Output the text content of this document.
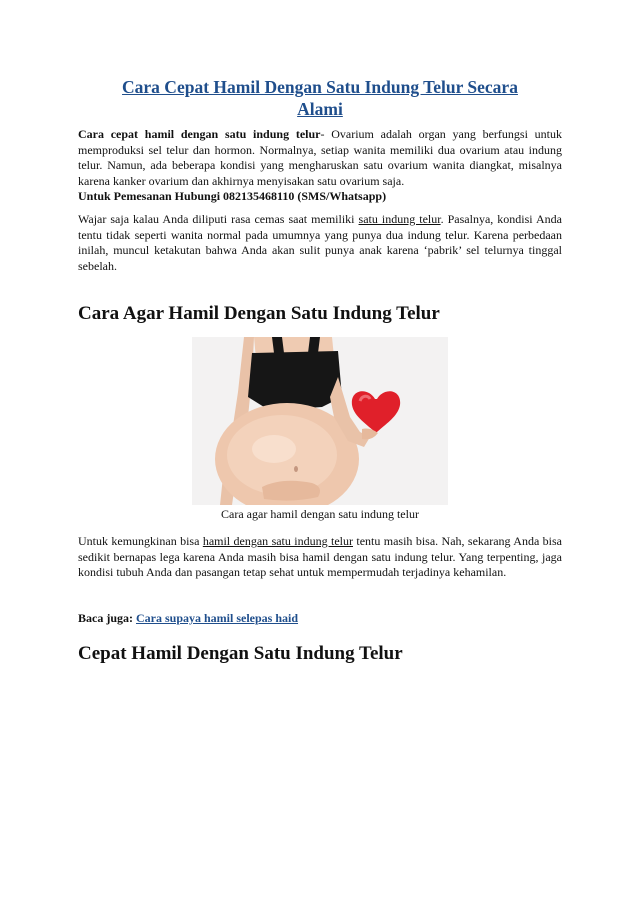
Cara Cepat Hamil Dengan Satu Indung Telur Secara
Alami
Cara cepat hamil dengan satu indung telur- Ovarium adalah organ yang berfungsi untuk memproduksi sel telur dan hormon. Normalnya, setiap wanita memiliki dua ovarium atau indung telur. Namun, ada beberapa kondisi yang mengharuskan satu ovarium wanita diangkat, misalnya karena kanker ovarium dan akhirnya menyisakan satu ovarium saja.
Untuk Pemesanan Hubungi 082135468110 (SMS/Whatsapp)
Wajar saja kalau Anda diliputi rasa cemas saat memiliki satu indung telur. Pasalnya, kondisi Anda tentu tidak seperti wanita normal pada umumnya yang punya dua indung telur. Karena perbedaan inilah, muncul ketakutan bahwa Anda akan sulit punya anak karena ‘pabrik’ sel telurnya tinggal sebelah.
Cara Agar Hamil Dengan Satu Indung Telur
Cara agar hamil dengan satu indung telur
Untuk kemungkinan bisa hamil dengan satu indung telur tentu masih bisa. Nah, sekarang Anda bisa sedikit bernapas lega karena Anda masih bisa hamil dengan satu indung telur. Yang terpenting, jaga kondisi tubuh Anda dan pasangan tetap sehat untuk mempermudah terjadinya kehamilan.
Baca juga: Cara supaya hamil selepas haid
Cepat Hamil Dengan Satu Indung Telur
